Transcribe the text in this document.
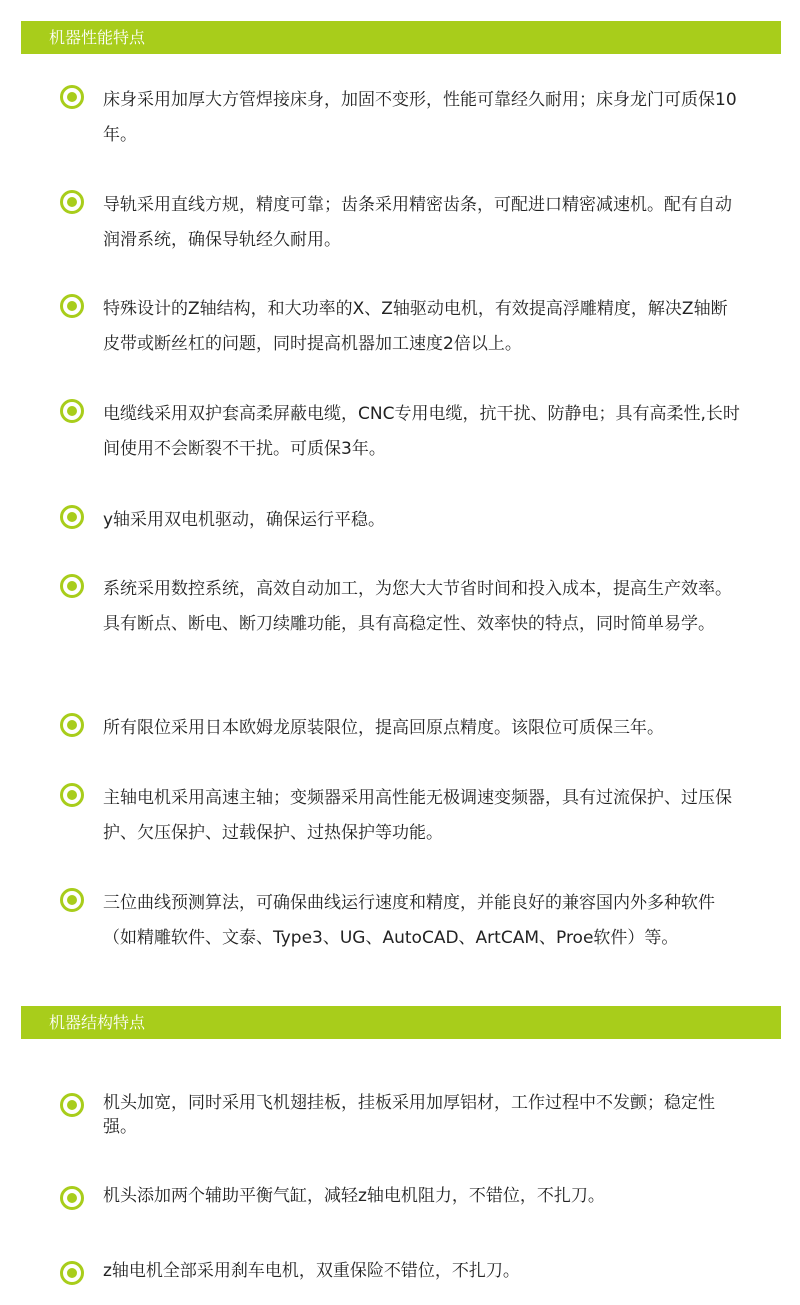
机器性能特点
床身采用加厚大方管焊接床身，加固不变形，性能可靠经久耐用；床身龙门可质保10年。
导轨采用直线方规，精度可靠；齿条采用精密齿条，可配进口精密减速机。配有自动润滑系统，确保导轨经久耐用。
特殊设计的Z轴结构，和大功率的X、Z轴驱动电机，有效提高浮雕精度，解决Z轴断皮带或断丝杠的问题，同时提高机器加工速度2倍以上。
电缆线采用双护套高柔屏蔽电缆，CNC专用电缆，抗干扰、防静电；具有高柔性,长时间使用不会断裂不干扰。可质保3年。
y轴采用双电机驱动，确保运行平稳。
系统采用数控系统，高效自动加工，为您大大节省时间和投入成本，提高生产效率。具有断点、断电、断刀续雕功能，具有高稳定性、效率快的特点，同时简单易学。
所有限位采用日本欧姆龙原装限位，提高回原点精度。该限位可质保三年。
主轴电机采用高速主轴；变频器采用高性能无极调速变频器，具有过流保护、过压保护、欠压保护、过载保护、过热保护等功能。
三位曲线预测算法，可确保曲线运行速度和精度，并能良好的兼容国内外多种软件（如精雕软件、文泰、Type3、UG、AutoCAD、ArtCAM、Proe软件）等。
机器结构特点
机头加宽，同时采用飞机翅挂板，挂板采用加厚铝材，工作过程中不发颤；稳定性强。
机头添加两个辅助平衡气缸，减轻z轴电机阻力，不错位，不扎刀。
z轴电机全部采用刹车电机，双重保险不错位，不扎刀。
